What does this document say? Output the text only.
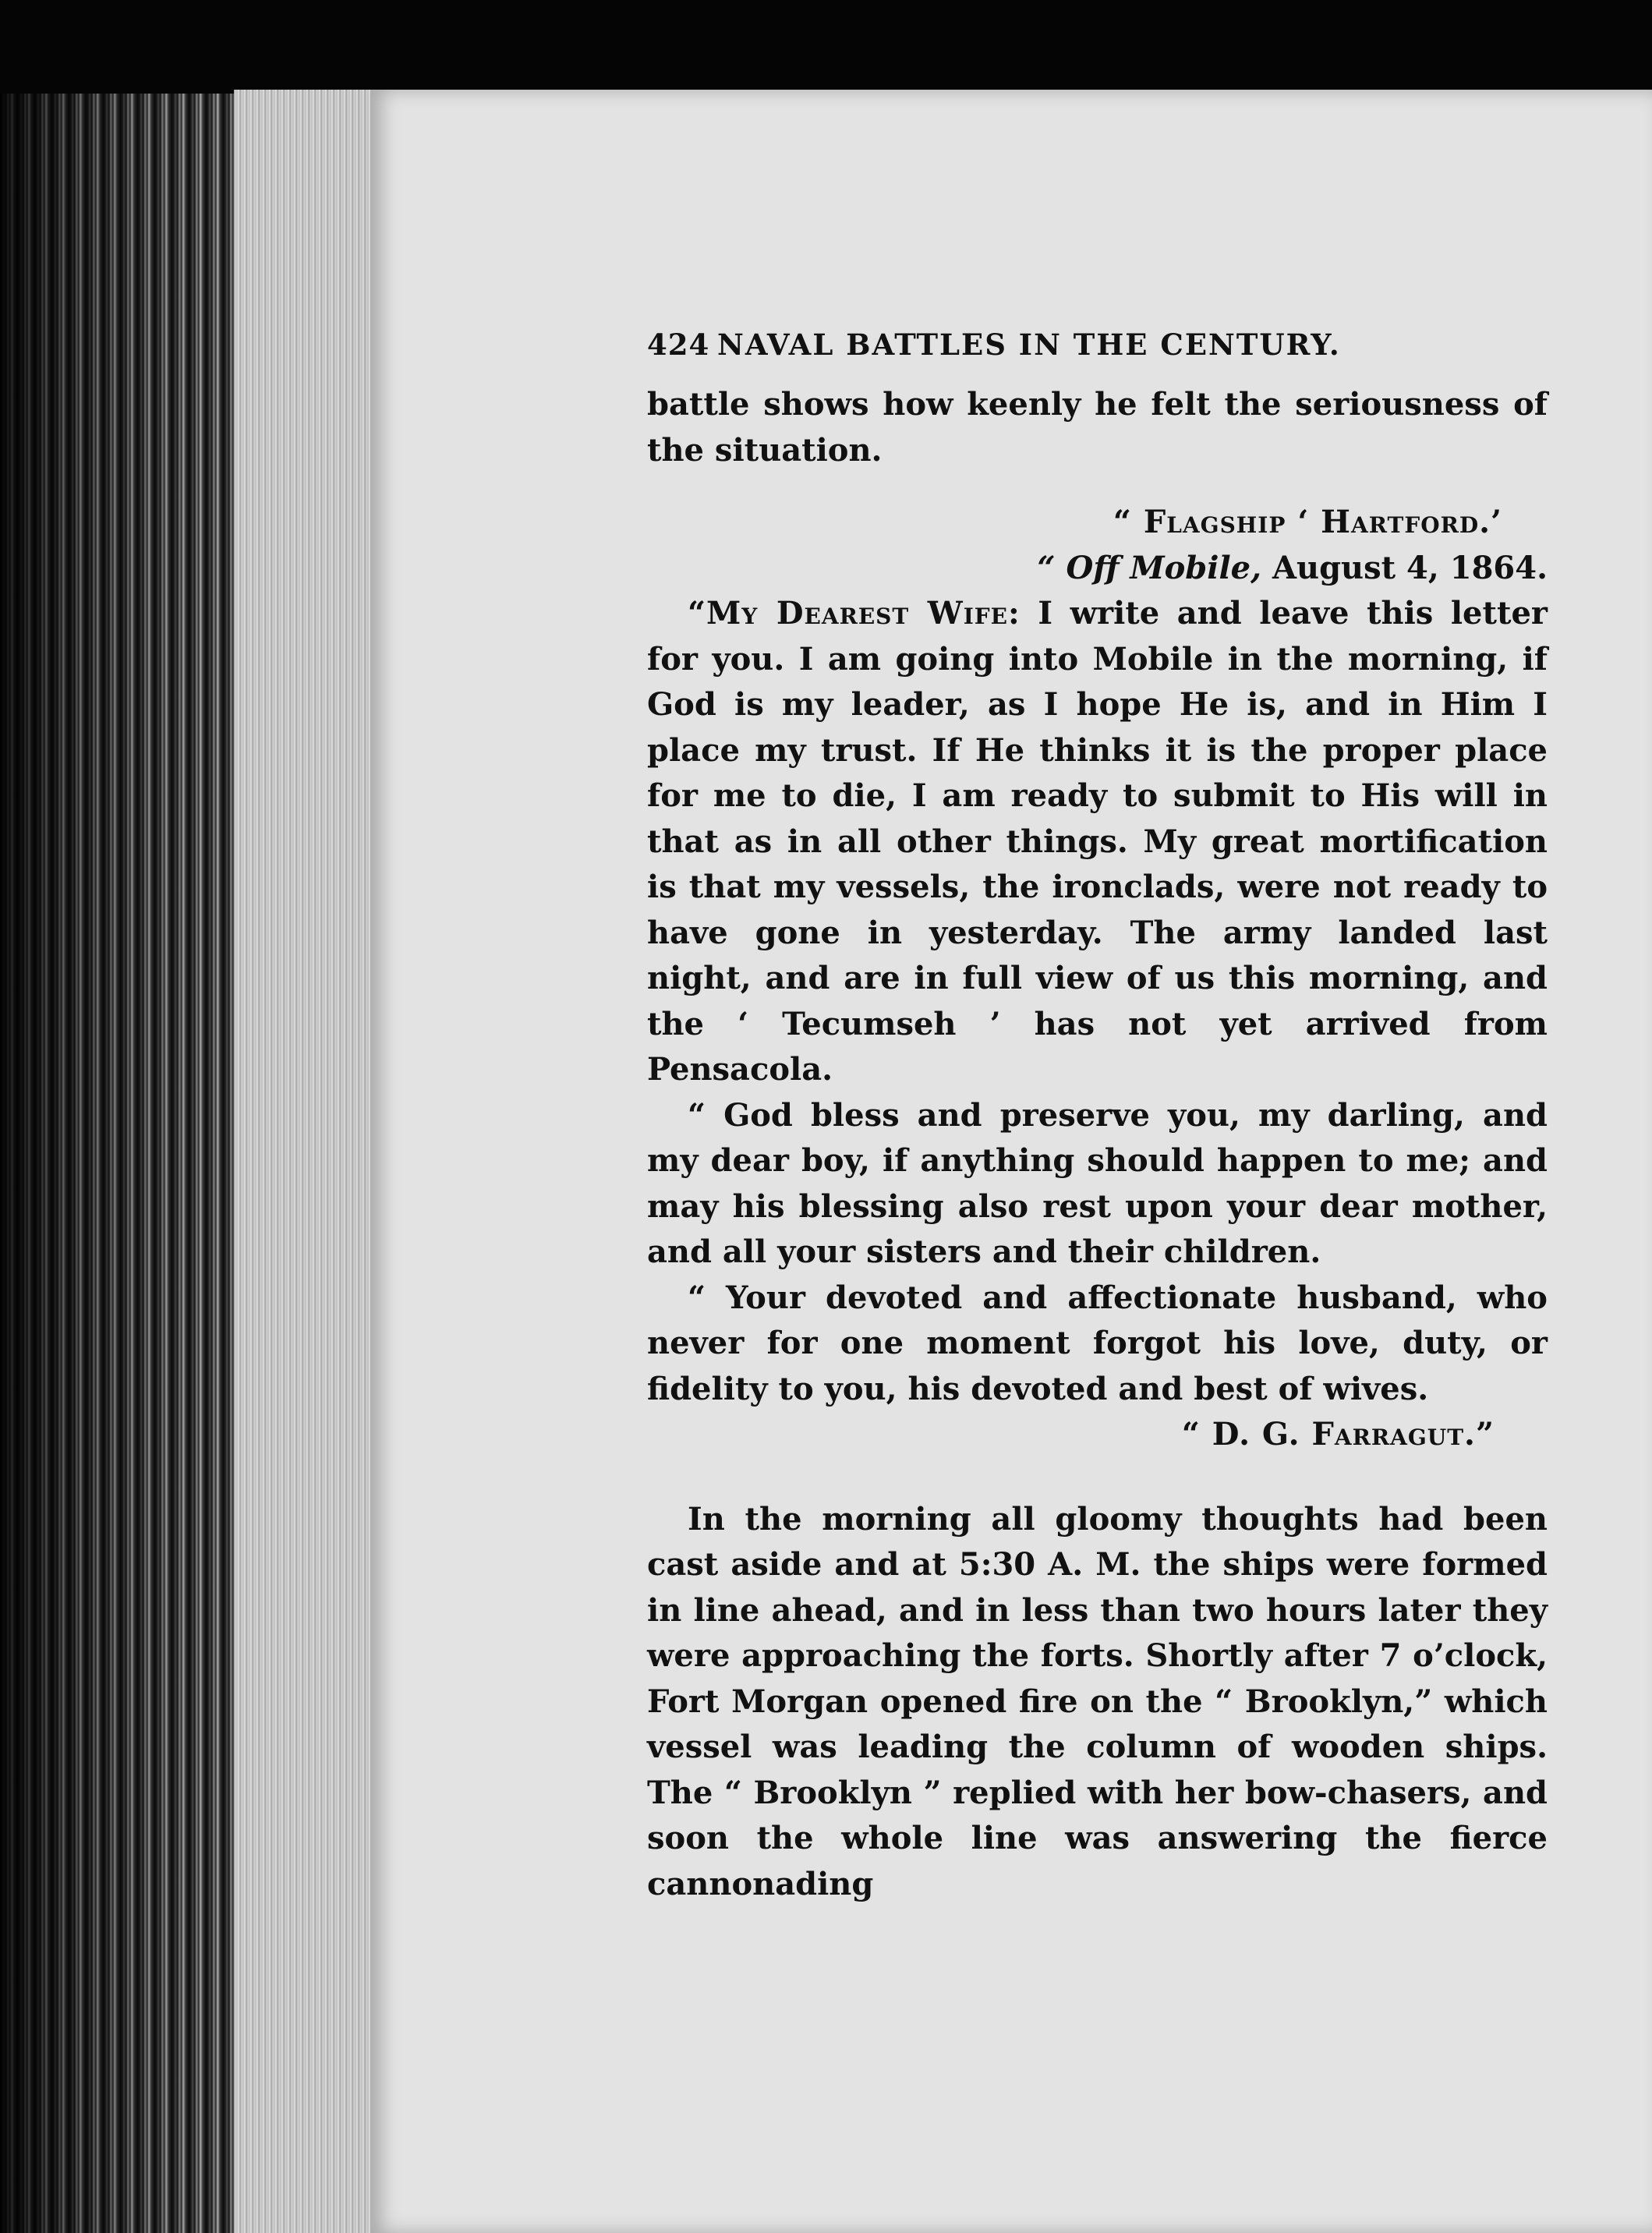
424 NAVAL BATTLES IN THE CENTURY.

battle shows how keenly he felt the seriousness of the situation.

“ Flagship ‘ Hartford.’

“ Off Mobile, August 4, 1864.

“My Dearest Wife: I write and leave this letter for you. I am going into Mobile in the morning, if God is my leader, as I hope He is, and in Him I place my trust. If He thinks it is the proper place for me to die, I am ready to submit to His will in that as in all other things. My great mortification is that my vessels, the ironclads, were not ready to have gone in yesterday. The army landed last night, and are in full view of us this morning, and the ‘ Tecumseh ’ has not yet arrived from Pensacola.

“ God bless and preserve you, my darling, and my dear boy, if anything should happen to me; and may his blessing also rest upon your dear mother, and all your sisters and their children.

“ Your devoted and affectionate husband, who never for one moment forgot his love, duty, or fidelity to you, his devoted and best of wives.

“ D. G. Farragut.”

In the morning all gloomy thoughts had been cast aside and at 5:30 A. M. the ships were formed in line ahead, and in less than two hours later they were approaching the forts. Shortly after 7 o’clock, Fort Morgan opened fire on the “ Brooklyn,” which vessel was leading the column of wooden ships. The “ Brooklyn ” replied with her bow-chasers, and soon the whole line was answering the fierce cannonading
